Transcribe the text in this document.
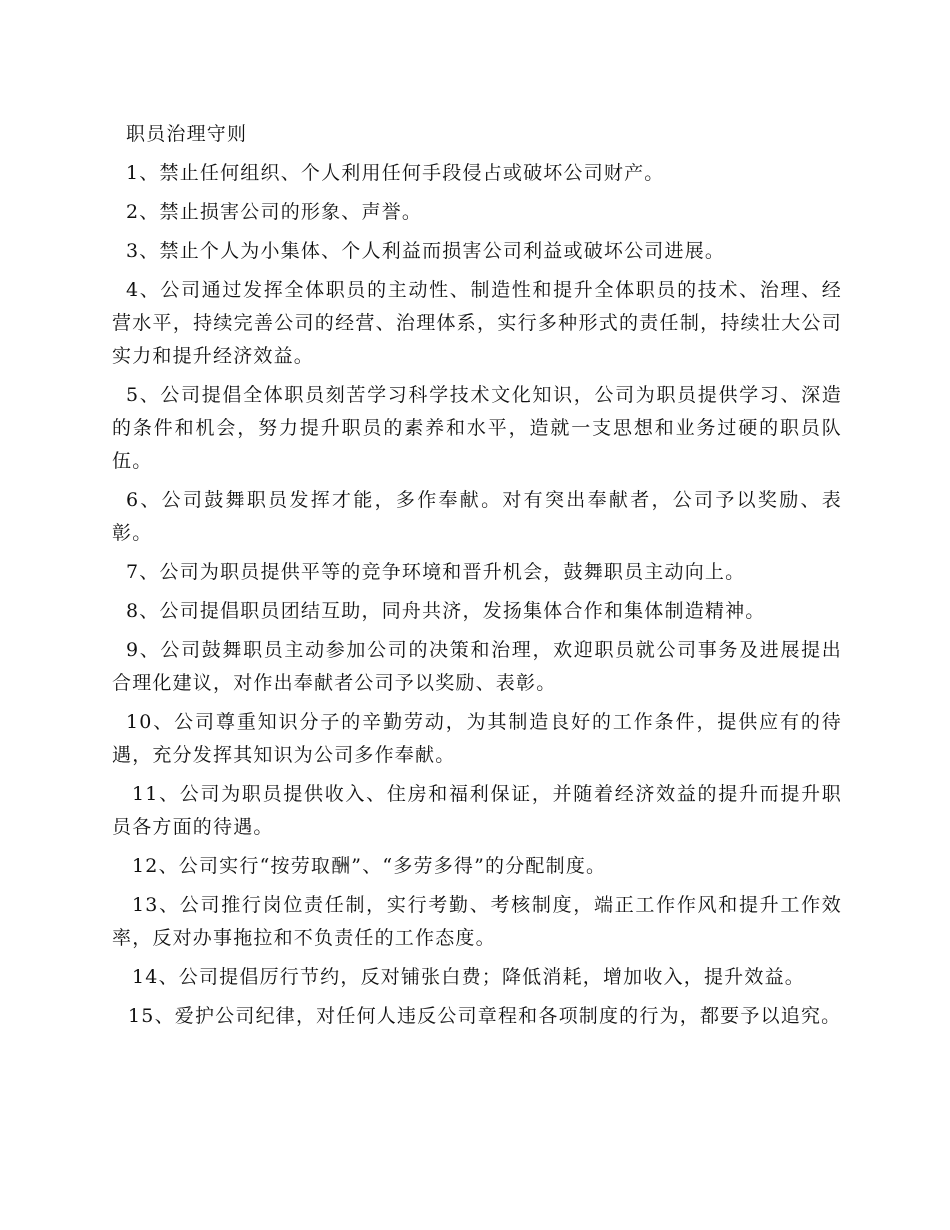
职员治理守则

1、禁止任何组织、个人利用任何手段侵占或破坏公司财产。

2、禁止损害公司的形象、声誉。

3、禁止个人为小集体、个人利益而损害公司利益或破坏公司进展。

4、公司通过发挥全体职员的主动性、制造性和提升全体职员的技术、治理、经营水平，持续完善公司的经营、治理体系，实行多种形式的责任制，持续壮大公司实力和提升经济效益。

5、公司提倡全体职员刻苦学习科学技术文化知识，公司为职员提供学习、深造的条件和机会，努力提升职员的素养和水平，造就一支思想和业务过硬的职员队伍。

6、公司鼓舞职员发挥才能，多作奉献。对有突出奉献者，公司予以奖励、表彰。

7、公司为职员提供平等的竞争环境和晋升机会，鼓舞职员主动向上。

8、公司提倡职员团结互助，同舟共济，发扬集体合作和集体制造精神。

9、公司鼓舞职员主动参加公司的决策和治理，欢迎职员就公司事务及进展提出合理化建议，对作出奉献者公司予以奖励、表彰。

10、公司尊重知识分子的辛勤劳动，为其制造良好的工作条件，提供应有的待遇，充分发挥其知识为公司多作奉献。

11、公司为职员提供收入、住房和福利保证，并随着经济效益的提升而提升职员各方面的待遇。

12、公司实行“按劳取酬”、“多劳多得”的分配制度。

13、公司推行岗位责任制，实行考勤、考核制度，端正工作作风和提升工作效率，反对办事拖拉和不负责任的工作态度。

14、公司提倡厉行节约，反对铺张白费；降低消耗，增加收入，提升效益。

15、爱护公司纪律，对任何人违反公司章程和各项制度的行为，都要予以追究。
